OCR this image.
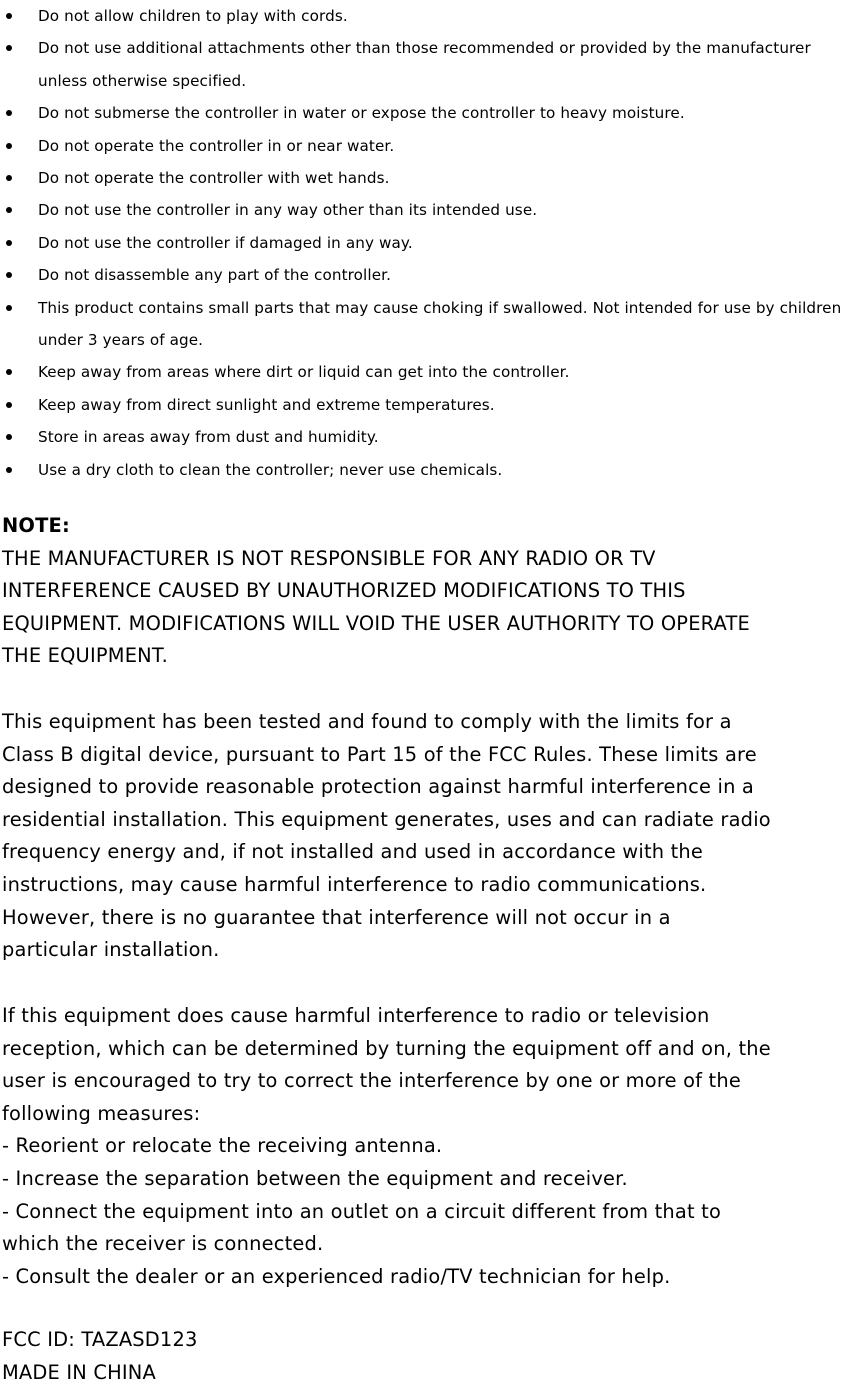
Do not allow children to play with cords.
Do not use additional attachments other than those recommended or provided by the manufacturer unless otherwise specified.
Do not submerse the controller in water or expose the controller to heavy moisture.
Do not operate the controller in or near water.
Do not operate the controller with wet hands.
Do not use the controller in any way other than its intended use.
Do not use the controller if damaged in any way.
Do not disassemble any part of the controller.
This product contains small parts that may cause choking if swallowed. Not intended for use by children under 3 years of age.
Keep away from areas where dirt or liquid can get into the controller.
Keep away from direct sunlight and extreme temperatures.
Store in areas away from dust and humidity.
Use a dry cloth to clean the controller; never use chemicals.
NOTE:
THE MANUFACTURER IS NOT RESPONSIBLE FOR ANY RADIO OR TV
INTERFERENCE CAUSED BY UNAUTHORIZED MODIFICATIONS TO THIS
EQUIPMENT. MODIFICATIONS WILL VOID THE USER AUTHORITY TO OPERATE
THE EQUIPMENT.
This equipment has been tested and found to comply with the limits for a
Class B digital device, pursuant to Part 15 of the FCC Rules. These limits are
designed to provide reasonable protection against harmful interference in a
residential installation. This equipment generates, uses and can radiate radio
frequency energy and, if not installed and used in accordance with the
instructions, may cause harmful interference to radio communications.
However, there is no guarantee that interference will not occur in a
particular installation.
If this equipment does cause harmful interference to radio or television
reception, which can be determined by turning the equipment off and on, the
user is encouraged to try to correct the interference by one or more of the
following measures:
- Reorient or relocate the receiving antenna.
- Increase the separation between the equipment and receiver.
- Connect the equipment into an outlet on a circuit different from that to
which the receiver is connected.
- Consult the dealer or an experienced radio/TV technician for help.
FCC ID: TAZASD123
MADE IN CHINA
